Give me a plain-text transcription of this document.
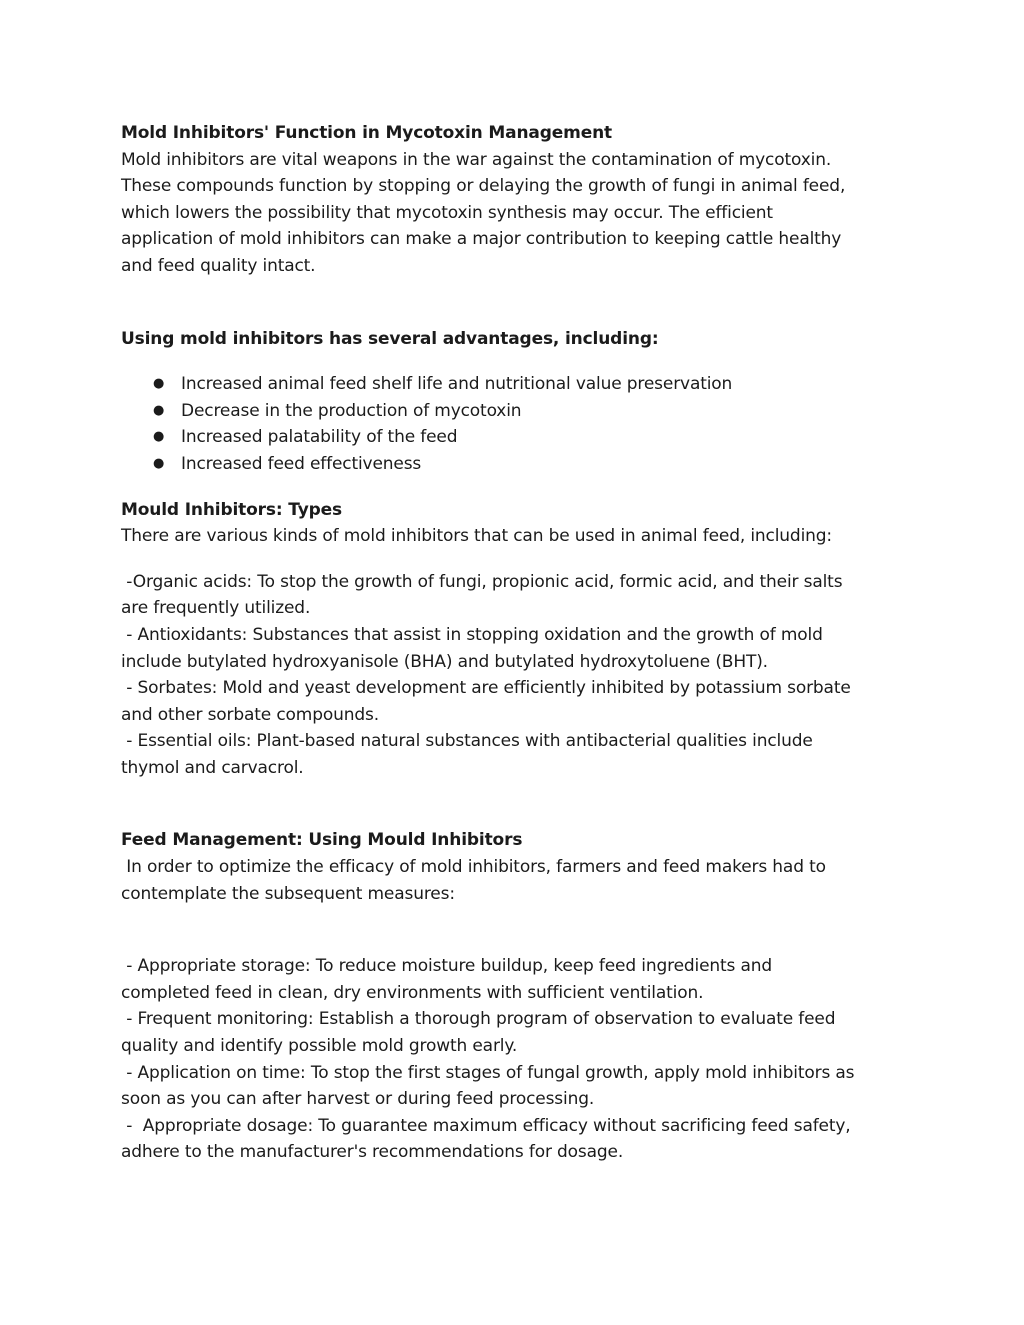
Mold Inhibitors' Function in Mycotoxin Management
Mold inhibitors are vital weapons in the war against the contamination of mycotoxin.
These compounds function by stopping or delaying the growth of fungi in animal feed,
which lowers the possibility that mycotoxin synthesis may occur. The efficient
application of mold inhibitors can make a major contribution to keeping cattle healthy
and feed quality intact.
Using mold inhibitors has several advantages, including:
● Increased animal feed shelf life and nutritional value preservation
● Decrease in the production of mycotoxin
● Increased palatability of the feed
● Increased feed effectiveness
Mould Inhibitors: Types
There are various kinds of mold inhibitors that can be used in animal feed, including:
-Organic acids: To stop the growth of fungi, propionic acid, formic acid, and their salts
are frequently utilized.
- Antioxidants: Substances that assist in stopping oxidation and the growth of mold
include butylated hydroxyanisole (BHA) and butylated hydroxytoluene (BHT).
- Sorbates: Mold and yeast development are efficiently inhibited by potassium sorbate
and other sorbate compounds.
- Essential oils: Plant-based natural substances with antibacterial qualities include
thymol and carvacrol.
Feed Management: Using Mould Inhibitors
In order to optimize the efficacy of mold inhibitors, farmers and feed makers had to
contemplate the subsequent measures:
- Appropriate storage: To reduce moisture buildup, keep feed ingredients and
completed feed in clean, dry environments with sufficient ventilation.
- Frequent monitoring: Establish a thorough program of observation to evaluate feed
quality and identify possible mold growth early.
- Application on time: To stop the first stages of fungal growth, apply mold inhibitors as
soon as you can after harvest or during feed processing.
-  Appropriate dosage: To guarantee maximum efficacy without sacrificing feed safety,
adhere to the manufacturer's recommendations for dosage.
